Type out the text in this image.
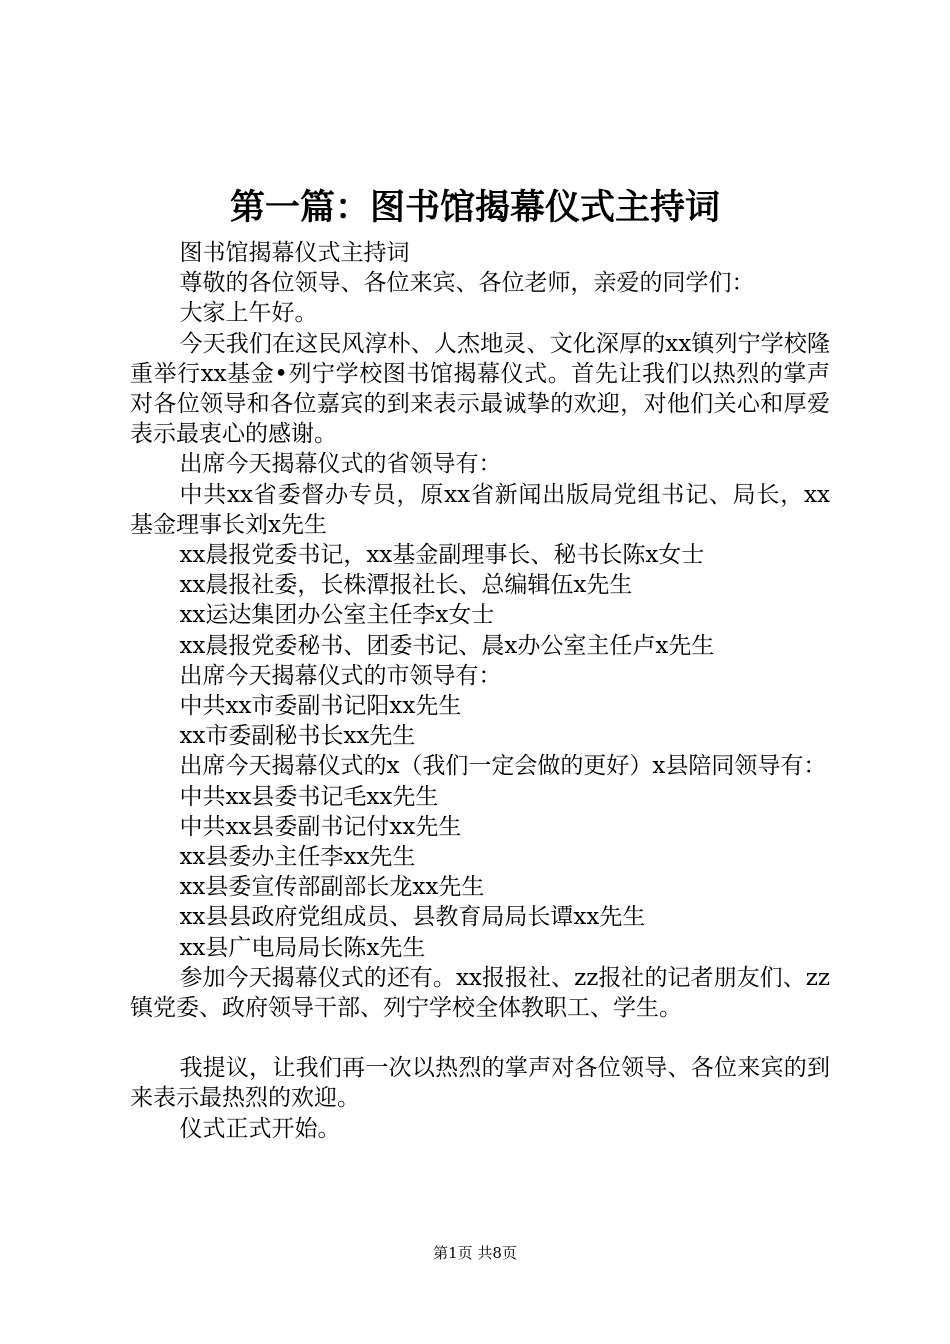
第一篇：图书馆揭幕仪式主持词

图书馆揭幕仪式主持词

尊敬的各位领导、各位来宾、各位老师，亲爱的同学们：

大家上午好。

今天我们在这民风淳朴、人杰地灵、文化深厚的xx镇列宁学校隆重举行xx基金•列宁学校图书馆揭幕仪式。首先让我们以热烈的掌声对各位领导和各位嘉宾的到来表示最诚挚的欢迎，对他们关心和厚爱表示最衷心的感谢。

出席今天揭幕仪式的省领导有：

中共xx省委督办专员，原xx省新闻出版局党组书记、局长，xx基金理事长刘x先生

xx晨报党委书记，xx基金副理事长、秘书长陈x女士

xx晨报社委，长株潭报社长、总编辑伍x先生

xx运达集团办公室主任李x女士

xx晨报党委秘书、团委书记、晨x办公室主任卢x先生

出席今天揭幕仪式的市领导有：

中共xx市委副书记阳xx先生

xx市委副秘书长xx先生

出席今天揭幕仪式的x（我们一定会做的更好）x县陪同领导有：

中共xx县委书记毛xx先生

中共xx县委副书记付xx先生

xx县委办主任李xx先生

xx县委宣传部副部长龙xx先生

xx县县政府党组成员、县教育局局长谭xx先生

xx县广电局局长陈x先生

参加今天揭幕仪式的还有。xx报报社、zz报社的记者朋友们、zz镇党委、政府领导干部、列宁学校全体教职工、学生。

我提议，让我们再一次以热烈的掌声对各位领导、各位来宾的到来表示最热烈的欢迎。

仪式正式开始。

第1页 共8页
